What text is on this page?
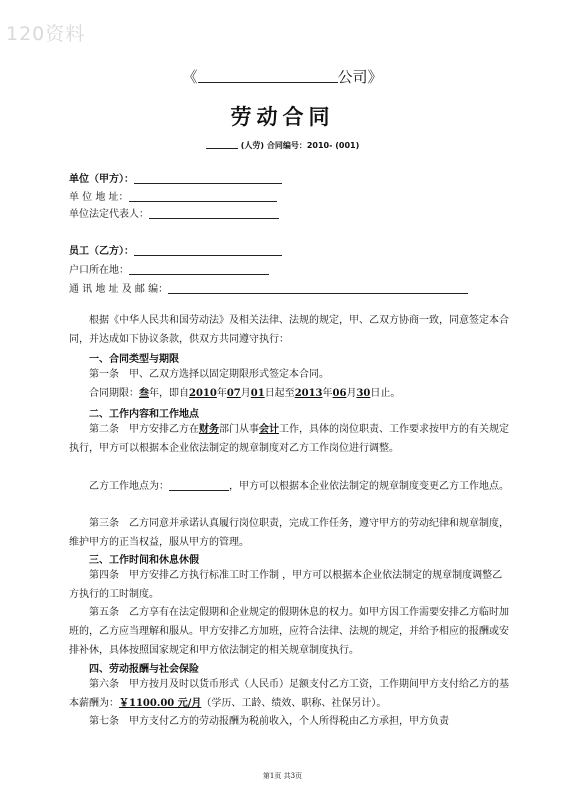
120资料
《	公司》
劳动合同
(人劳) 合同编号：2010- (001)
单位（甲方）：
单 位 地 址：
单位法定代表人：
员工（乙方）：
户口所在地：
通 讯 地 址 及 邮 编：

根据《中华人民共和国劳动法》及相关法律、法规的规定，甲、乙双方协商一致，同意签定本合同，并达成如下协议条款，供双方共同遵守执行：

一、合同类型与期限

第一条　甲、乙双方选择以固定期限形式签定本合同。

合同期限：叁年，即自2010年07月01日起至2013年06月30日止。

二、工作内容和工作地点

第二条　甲方安排乙方在财务部门从事会计工作，具体的岗位职责、工作要求按甲方的有关规定执行，甲方可以根据本企业依法制定的规章制度对乙方工作岗位进行调整。

乙方工作地点为：	，甲方可以根据本企业依法制定的规章制度变更乙方工作地点。

第三条　乙方同意并承诺认真履行岗位职责，完成工作任务，遵守甲方的劳动纪律和规章制度，维护甲方的正当权益，服从甲方的管理。

三、工作时间和休息休假

第四条　甲方安排乙方执行标准工时工作制 ，甲方可以根据本企业依法制定的规章制度调整乙方执行的工时制度。

第五条　乙方享有在法定假期和企业规定的假期休息的权力。如甲方因工作需要安排乙方临时加班的，乙方应当理解和服从。甲方安排乙方加班，应符合法律、法规的规定，并给予相应的报酬或安排补休，具体按照国家规定和甲方依法制定的相关规章制度执行。

四、劳动报酬与社会保险

第六条　甲方按月及时以货币形式（人民币）足额支付乙方工资，工作期间甲方支付给乙方的基本薪酬为：￥1100.00 元/月（学历、工龄、绩效、职称、社保另计）。

第七条　甲方支付乙方的劳动报酬为税前收入，个人所得税由乙方承担，甲方负责

第1页 共3页
